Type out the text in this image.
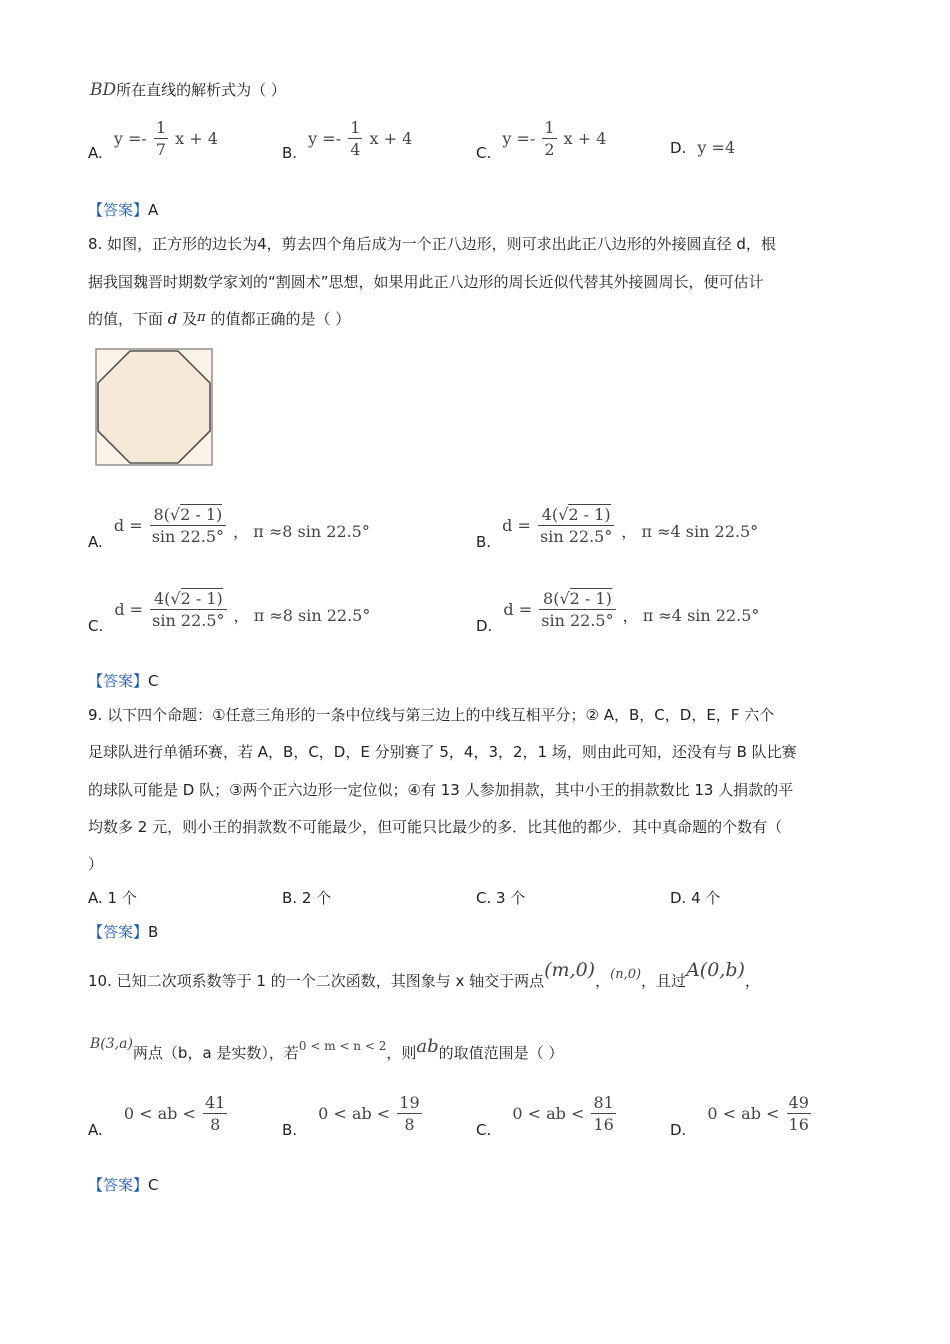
BD所在直线的解析式为（ ）
A. $y =- \frac{1}{7}$ x + 4
B. $y =- \frac{1}{4}$ x + 4
C. $y =- \frac{1}{2}$ x + 4	D. y =4
【答案】A
8. 如图，正方形的边长为4，剪去四个角后成为一个正八边形，则可求出此正八边形的外接圆直径 d，根
据我国魏晋时期数学家刘的“割圆术”思想，如果用此正八边形的周长近似代替其外接圆周长，便可估计
的值，下面 d 及π 的值都正确的是（ ）
A. $d = \frac{8(√2 - 1)}{\sin 22.5^\circ}$ ， π ≈8 sin 22.5°
B. $d = \frac{4(√2 - 1)}{\sin 22.5^\circ}$ ， π ≈4 sin 22.5°
C. $d = \frac{4(√2 - 1)}{\sin 22.5^\circ}$ ， π ≈8 sin 22.5°
D. $d = \frac{8(√2 - 1)}{\sin 22.5^\circ}$ ， π ≈4 sin 22.5°
【答案】C
9. 以下四个命题：①任意三角形的一条中位线与第三边上的中线互相平分；② A，B，C，D，E，F 六个
足球队进行单循环赛，若 A，B，C，D，E 分别赛了 5，4，3，2，1 场，则由此可知，还没有与 B 队比赛
的球队可能是 D 队；③两个正六边形一定位似；④有 13 人参加捐款，其中小王的捐款数比 13 人捐款的平
均数多 2 元，则小王的捐款数不可能最少，但可能只比最少的多．比其他的都少．其中真命题的个数有（
）
A. 1 个	B. 2 个	C. 3 个	D. 4 个
【答案】B
10. 已知二次项系数等于 1 的一个二次函数，其图象与 x 轴交于两点(m,0)，(n,0)，且过A(0,b)，
B(3,a)两点（b，a 是实数），若$^{0 < m < n < 2}$，则ab的取值范围是（ ）
A. 0 < ab < $\frac{41}{8}$	B. 0 < ab < $\frac{19}{8}$	C. 0 < ab < $\frac{81}{16}$	D. 0 < ab < $\frac{49}{16}$
【答案】C
